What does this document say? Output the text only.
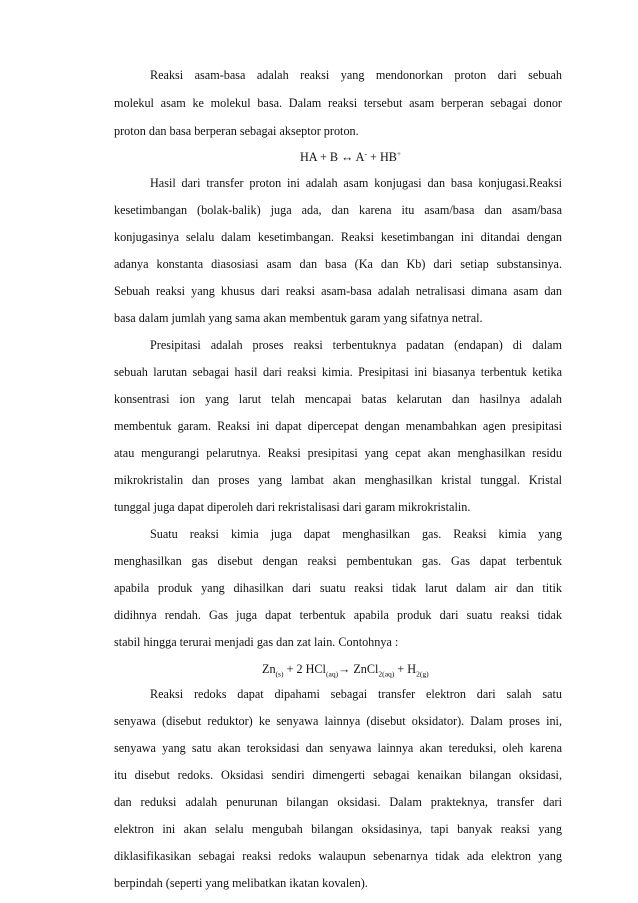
Reaksi asam-basa adalah reaksi yang mendonorkan proton dari sebuah
molekul asam ke molekul basa. Dalam reaksi tersebut asam berperan sebagai donor
proton dan basa berperan sebagai akseptor proton.
HA + B ↔ A- + HB+
Hasil dari transfer proton ini adalah asam konjugasi dan basa konjugasi.Reaksi
kesetimbangan (bolak-balik) juga ada, dan karena itu asam/basa dan asam/basa
konjugasinya selalu dalam kesetimbangan. Reaksi kesetimbangan ini ditandai dengan
adanya konstanta diasosiasi asam dan basa (Ka dan Kb) dari setiap substansinya.
Sebuah reaksi yang khusus dari reaksi asam-basa adalah netralisasi dimana asam dan
basa dalam jumlah yang sama akan membentuk garam yang sifatnya netral.
Presipitasi adalah proses reaksi terbentuknya padatan (endapan) di dalam
sebuah larutan sebagai hasil dari reaksi kimia. Presipitasi ini biasanya terbentuk ketika
konsentrasi ion yang larut telah mencapai batas kelarutan dan hasilnya adalah
membentuk garam. Reaksi ini dapat dipercepat dengan menambahkan agen presipitasi
atau mengurangi pelarutnya. Reaksi presipitasi yang cepat akan menghasilkan residu
mikrokristalin dan proses yang lambat akan menghasilkan kristal tunggal. Kristal
tunggal juga dapat diperoleh dari rekristalisasi dari garam mikrokristalin.
Suatu reaksi kimia juga dapat menghasilkan gas. Reaksi kimia yang
menghasilkan gas disebut dengan reaksi pembentukan gas. Gas dapat terbentuk
apabila produk yang dihasilkan dari suatu reaksi tidak larut dalam air dan titik
didihnya rendah. Gas juga dapat terbentuk apabila produk dari suatu reaksi tidak
stabil hingga terurai menjadi gas dan zat lain. Contohnya :
$Zn_{(s)} + 2$ HCl$_{(aq)}$→ ZnCl$_{2(aq)}$ + $H_{2(g)}$
Reaksi redoks dapat dipahami sebagai transfer elektron dari salah satu
senyawa (disebut reduktor) ke senyawa lainnya (disebut oksidator). Dalam proses ini,
senyawa yang satu akan teroksidasi dan senyawa lainnya akan tereduksi, oleh karena
itu disebut redoks. Oksidasi sendiri dimengerti sebagai kenaikan bilangan oksidasi,
dan reduksi adalah penurunan bilangan oksidasi. Dalam prakteknya, transfer dari
elektron ini akan selalu mengubah bilangan oksidasinya, tapi banyak reaksi yang
diklasifikasikan sebagai reaksi redoks walaupun sebenarnya tidak ada elektron yang
berpindah (seperti yang melibatkan ikatan kovalen).
